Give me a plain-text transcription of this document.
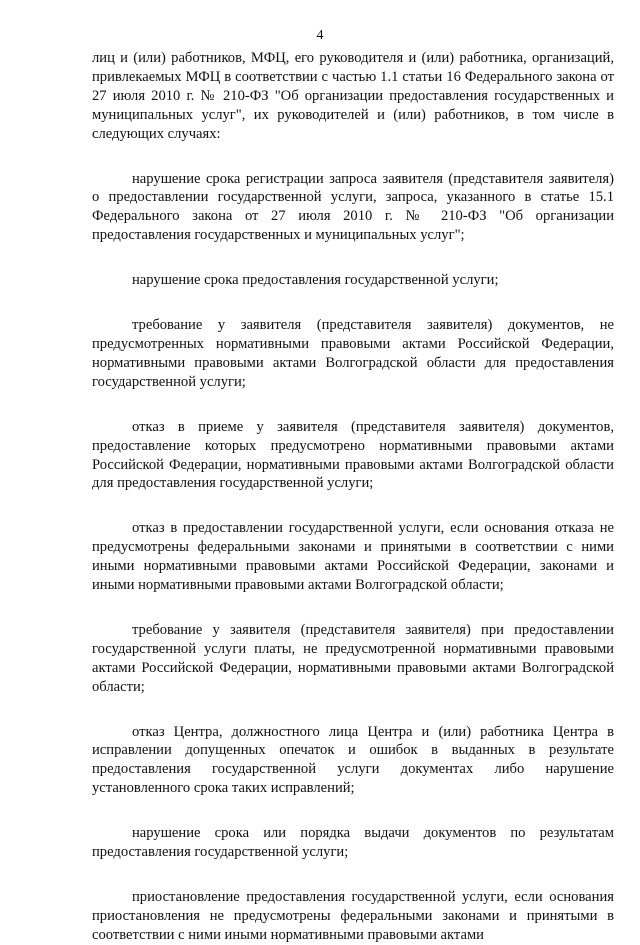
4

лиц и (или) работников, МФЦ, его руководителя и (или) работника, организаций, привлекаемых МФЦ в соответствии с частью 1.1 статьи 16 Федерального закона от 27 июля 2010 г. № 210-ФЗ "Об организации предоставления государственных и муниципальных услуг", их руководителей и (или) работников, в том числе в следующих случаях:

нарушение срока регистрации запроса заявителя (представителя заявителя) о предоставлении государственной услуги, запроса, указанного в статье 15.1 Федерального закона от 27 июля 2010 г. № 210-ФЗ "Об организации предоставления государственных и муниципальных услуг";

нарушение срока предоставления государственной услуги;

требование у заявителя (представителя заявителя) документов, не предусмотренных нормативными правовыми актами Российской Федерации, нормативными правовыми актами Волгоградской области для предоставления государственной услуги;

отказ в приеме у заявителя (представителя заявителя) документов, предоставление которых предусмотрено нормативными правовыми актами Российской Федерации, нормативными правовыми актами Волгоградской области для предоставления государственной услуги;

отказ в предоставлении государственной услуги, если основания отказа не предусмотрены федеральными законами и принятыми в соответствии с ними иными нормативными правовыми актами Российской Федерации, законами и иными нормативными правовыми актами Волгоградской области;

требование у заявителя (представителя заявителя) при предоставлении государственной услуги платы, не предусмотренной нормативными правовыми актами Российской Федерации, нормативными правовыми актами Волгоградской области;

отказ Центра, должностного лица Центра и (или) работника Центра в исправлении допущенных опечаток и ошибок в выданных в результате предоставления государственной услуги документах либо нарушение установленного срока таких исправлений;

нарушение срока или порядка выдачи документов по результатам предоставления государственной услуги;

приостановление предоставления государственной услуги, если основания приостановления не предусмотрены федеральными законами и принятыми в соответствии с ними иными нормативными правовыми актами
